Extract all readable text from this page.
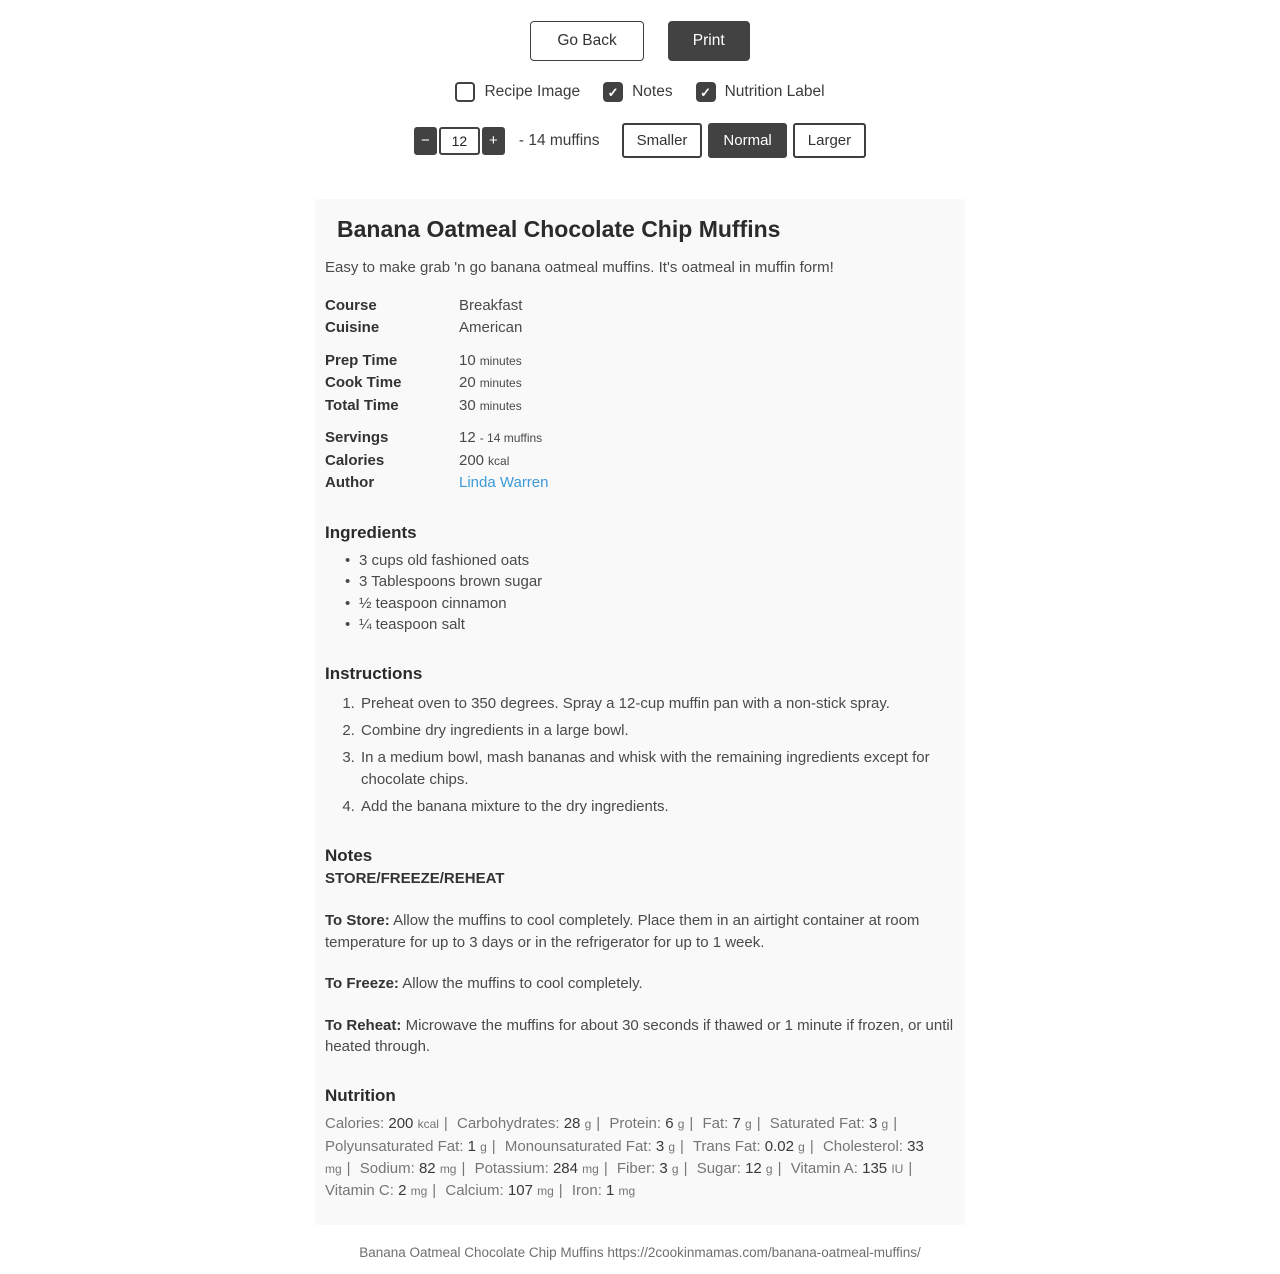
Go Back	Print
Recipe Image ✓ Notes ✓ Nutrition Label
−
12	+	- 14 muffins	Smaller	Normal	Larger
Banana Oatmeal Chocolate Chip Muffins

Easy to make grab 'n go banana oatmeal muffins. It's oatmeal in muffin form!

Course	Breakfast
Cuisine	American
Prep Time	10 minutes
Cook Time	20 minutes
Total Time	30 minutes
Servings	12 - 14 muffins
Calories	200 kcal
Author	Linda Warren
Ingredients
• 3 cups old fashioned oats
• 3 Tablespoons brown sugar
• ½ teaspoon cinnamon
• ¼ teaspoon salt
Instructions
1. Preheat oven to 350 degrees. Spray a 12-cup muffin pan with a non-stick spray.
2. Combine dry ingredients in a large bowl.
3. In a medium bowl, mash bananas and whisk with the remaining ingredients except for chocolate chips.
4. Add the banana mixture to the dry ingredients.
Notes

STORE/FREEZE/REHEAT

To Store: Allow the muffins to cool completely. Place them in an airtight container at room temperature for up to 3 days or in the refrigerator for up to 1 week.

To Freeze: Allow the muffins to cool completely.

To Reheat: Microwave the muffins for about 30 seconds if thawed or 1 minute if frozen, or until heated through.

Nutrition

Calories: 200 kcal | Carbohydrates: 28 g | Protein: 6 g | Fat: 7 g | Saturated Fat: 3 g | Polyunsaturated Fat: 1 g | Monounsaturated Fat: 3 g | Trans Fat: 0.02 g | Cholesterol: 33 mg | Sodium: 82 mg | Potassium: 284 mg | Fiber: 3 g | Sugar: 12 g | Vitamin A: 135 IU | Vitamin C: 2 mg | Calcium: 107 mg | Iron: 1 mg

Banana Oatmeal Chocolate Chip Muffins https://2cookinmamas.com/banana-oatmeal-muffins/
